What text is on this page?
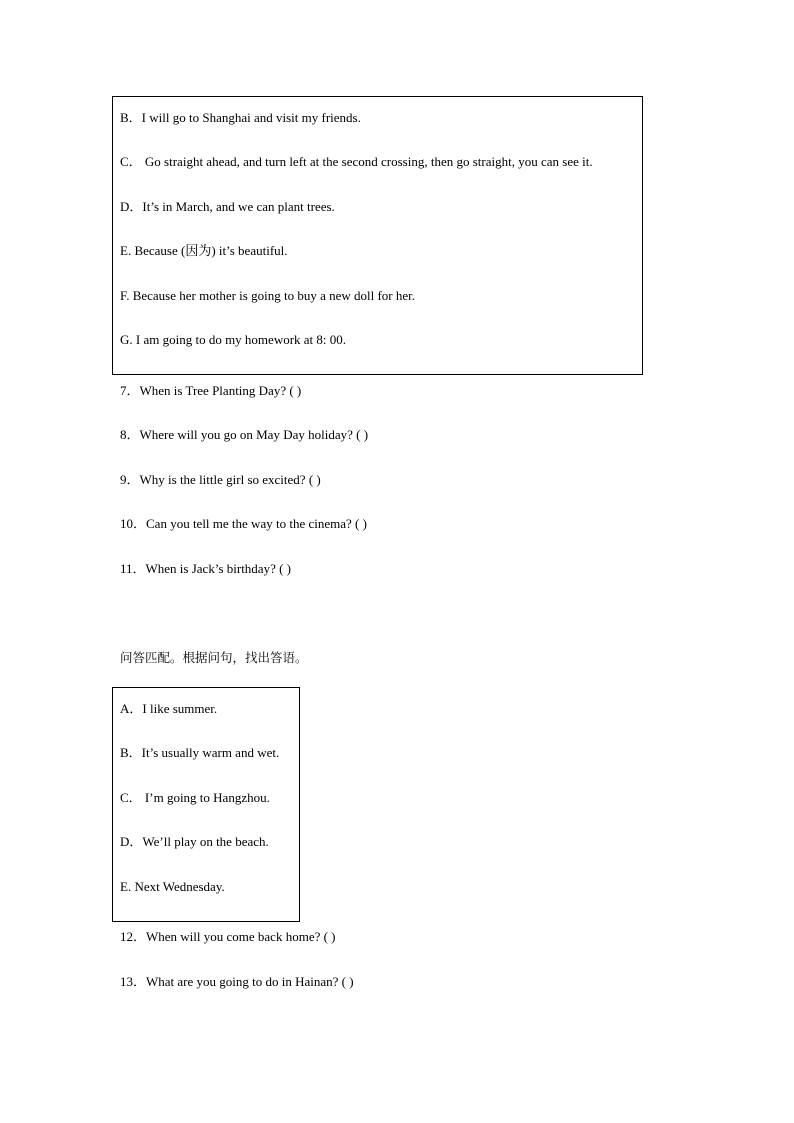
B．I will go to Shanghai and visit my friends.
C． Go straight ahead, and turn left at the second crossing, then go straight, you can see it.
D．It’s in March, and we can plant trees.
E. Because (因为) it’s beautiful.
F. Because her mother is going to buy a new doll for her.
G. I am going to do my homework at 8: 00.
7．When is Tree Planting Day? ( )
8．Where will you go on May Day holiday? ( )
9．Why is the little girl so excited? ( )
10．Can you tell me the way to the cinema? ( )
11．When is Jack’s birthday? ( )
问答匹配。根据问句，找出答语。
A．I like summer.
B．It’s usually warm and wet.
C． I’m going to Hangzhou.
D．We’ll play on the beach.
E. Next Wednesday.
12．When will you come back home? ( )
13．What are you going to do in Hainan? ( )
